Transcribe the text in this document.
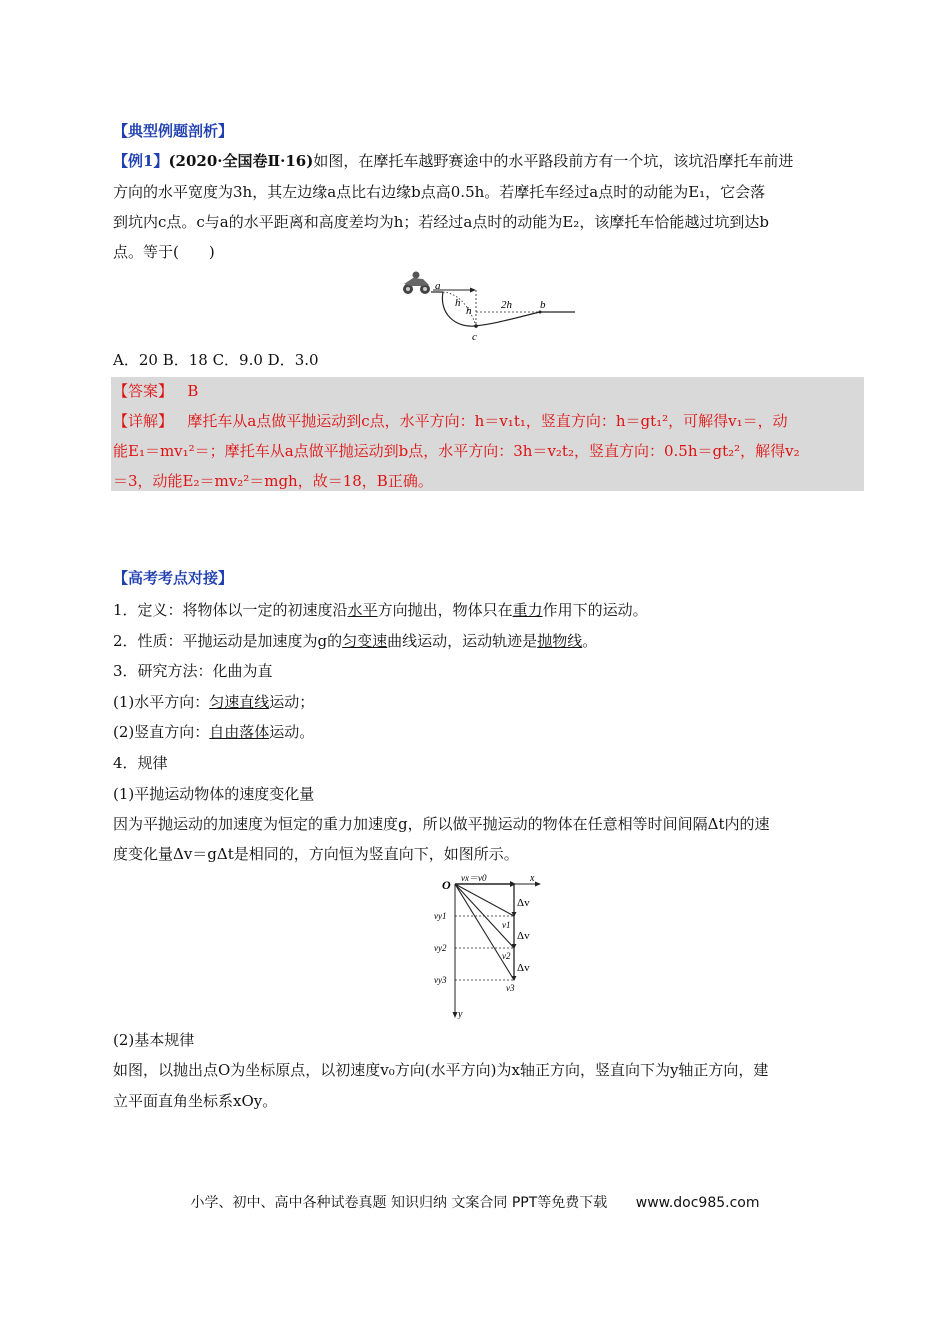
【典型例题剖析】
【例1】(2020·全国卷Ⅱ·16)如图，在摩托车越野赛途中的水平路段前方有一个坑，该坑沿摩托车前进
方向的水平宽度为3h，其左边缘a点比右边缘b点高0.5h。若摩托车经过a点时的动能为E₁，它会落
到坑内c点。c与a的水平距离和高度差均为h；若经过a点时的动能为E₂，该摩托车恰能越过坑到达b
点。等于(　　)
a
h
h	2h	b
c
A．20 B．18 C．9.0 D．3.0
【答案】 B
【详解】 摩托车从a点做平抛运动到c点，水平方向：h＝v₁t₁，竖直方向：h＝gt₁²，可解得v₁＝，动
能E₁＝mv₁²＝；摩托车从a点做平抛运动到b点，水平方向：3h＝v₂t₂，竖直方向：0.5h＝gt₂²，解得v₂
＝3，动能E₂＝mv₂²＝mgh，故＝18，B正确。
【高考考点对接】
1．定义：将物体以一定的初速度沿水平方向抛出，物体只在重力作用下的运动。
2．性质：平抛运动是加速度为g的匀变速曲线运动，运动轨迹是抛物线。
3．研究方法：化曲为直
(1)水平方向：匀速直线运动；
(2)竖直方向：自由落体运动。
4．规律
(1)平抛运动物体的速度变化量
因为平抛运动的加速度为恒定的重力加速度g，所以做平抛运动的物体在任意相等时间间隔Δt内的速
度变化量Δv＝gΔt是相同的，方向恒为竖直向下，如图所示。
O vx＝v0	x
y
Δv
Δv
Δv
vy1
vy2
vy3
v1
v2
v3
(2)基本规律
如图，以抛出点O为坐标原点，以初速度v₀方向(水平方向)为x轴正方向，竖直向下为y轴正方向，建
立平面直角坐标系xOy。
小学、初中、高中各种试卷真题 知识归纳 文案合同 PPT等免费下载 www.doc985.com
